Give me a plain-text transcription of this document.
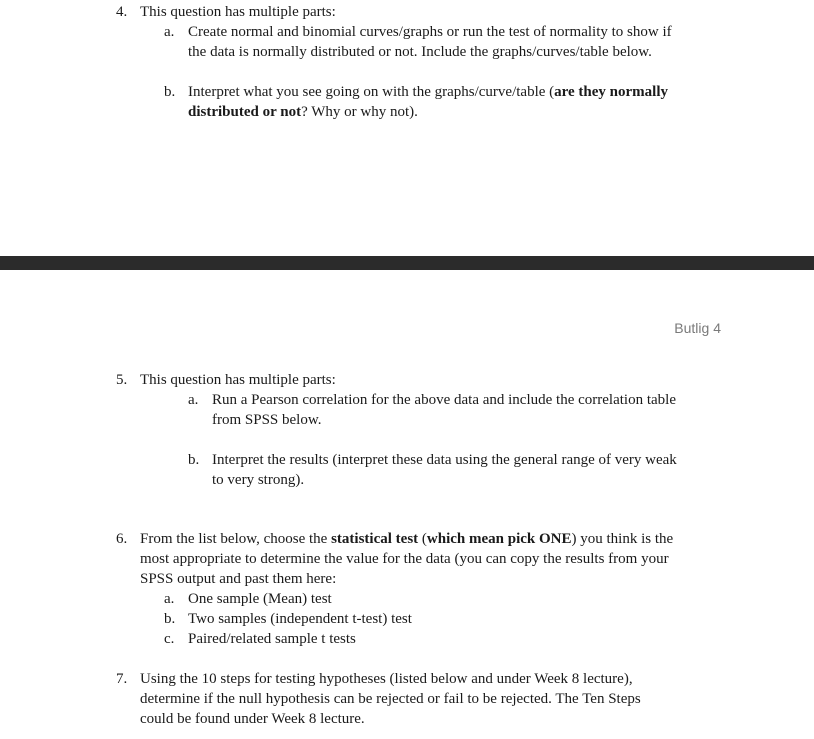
4. This question has multiple parts:
a. Create normal and binomial curves/graphs or run the test of normality to show if
the data is normally distributed or not. Include the graphs/curves/table below.
b. Interpret what you see going on with the graphs/curve/table (are they normally
distributed or not? Why or why not).
Butlig 4
5. This question has multiple parts:
a. Run a Pearson correlation for the above data and include the correlation table
from SPSS below.
b. Interpret the results (interpret these data using the general range of very weak
to very strong).
6. From the list below, choose the statistical test (which mean pick ONE) you think is the
most appropriate to determine the value for the data (you can copy the results from your
SPSS output and past them here:
a. One sample (Mean) test
b. Two samples (independent t-test) test
c. Paired/related sample t tests
7. Using the 10 steps for testing hypotheses (listed below and under Week 8 lecture),
determine if the null hypothesis can be rejected or fail to be rejected. The Ten Steps
could be found under Week 8 lecture.
